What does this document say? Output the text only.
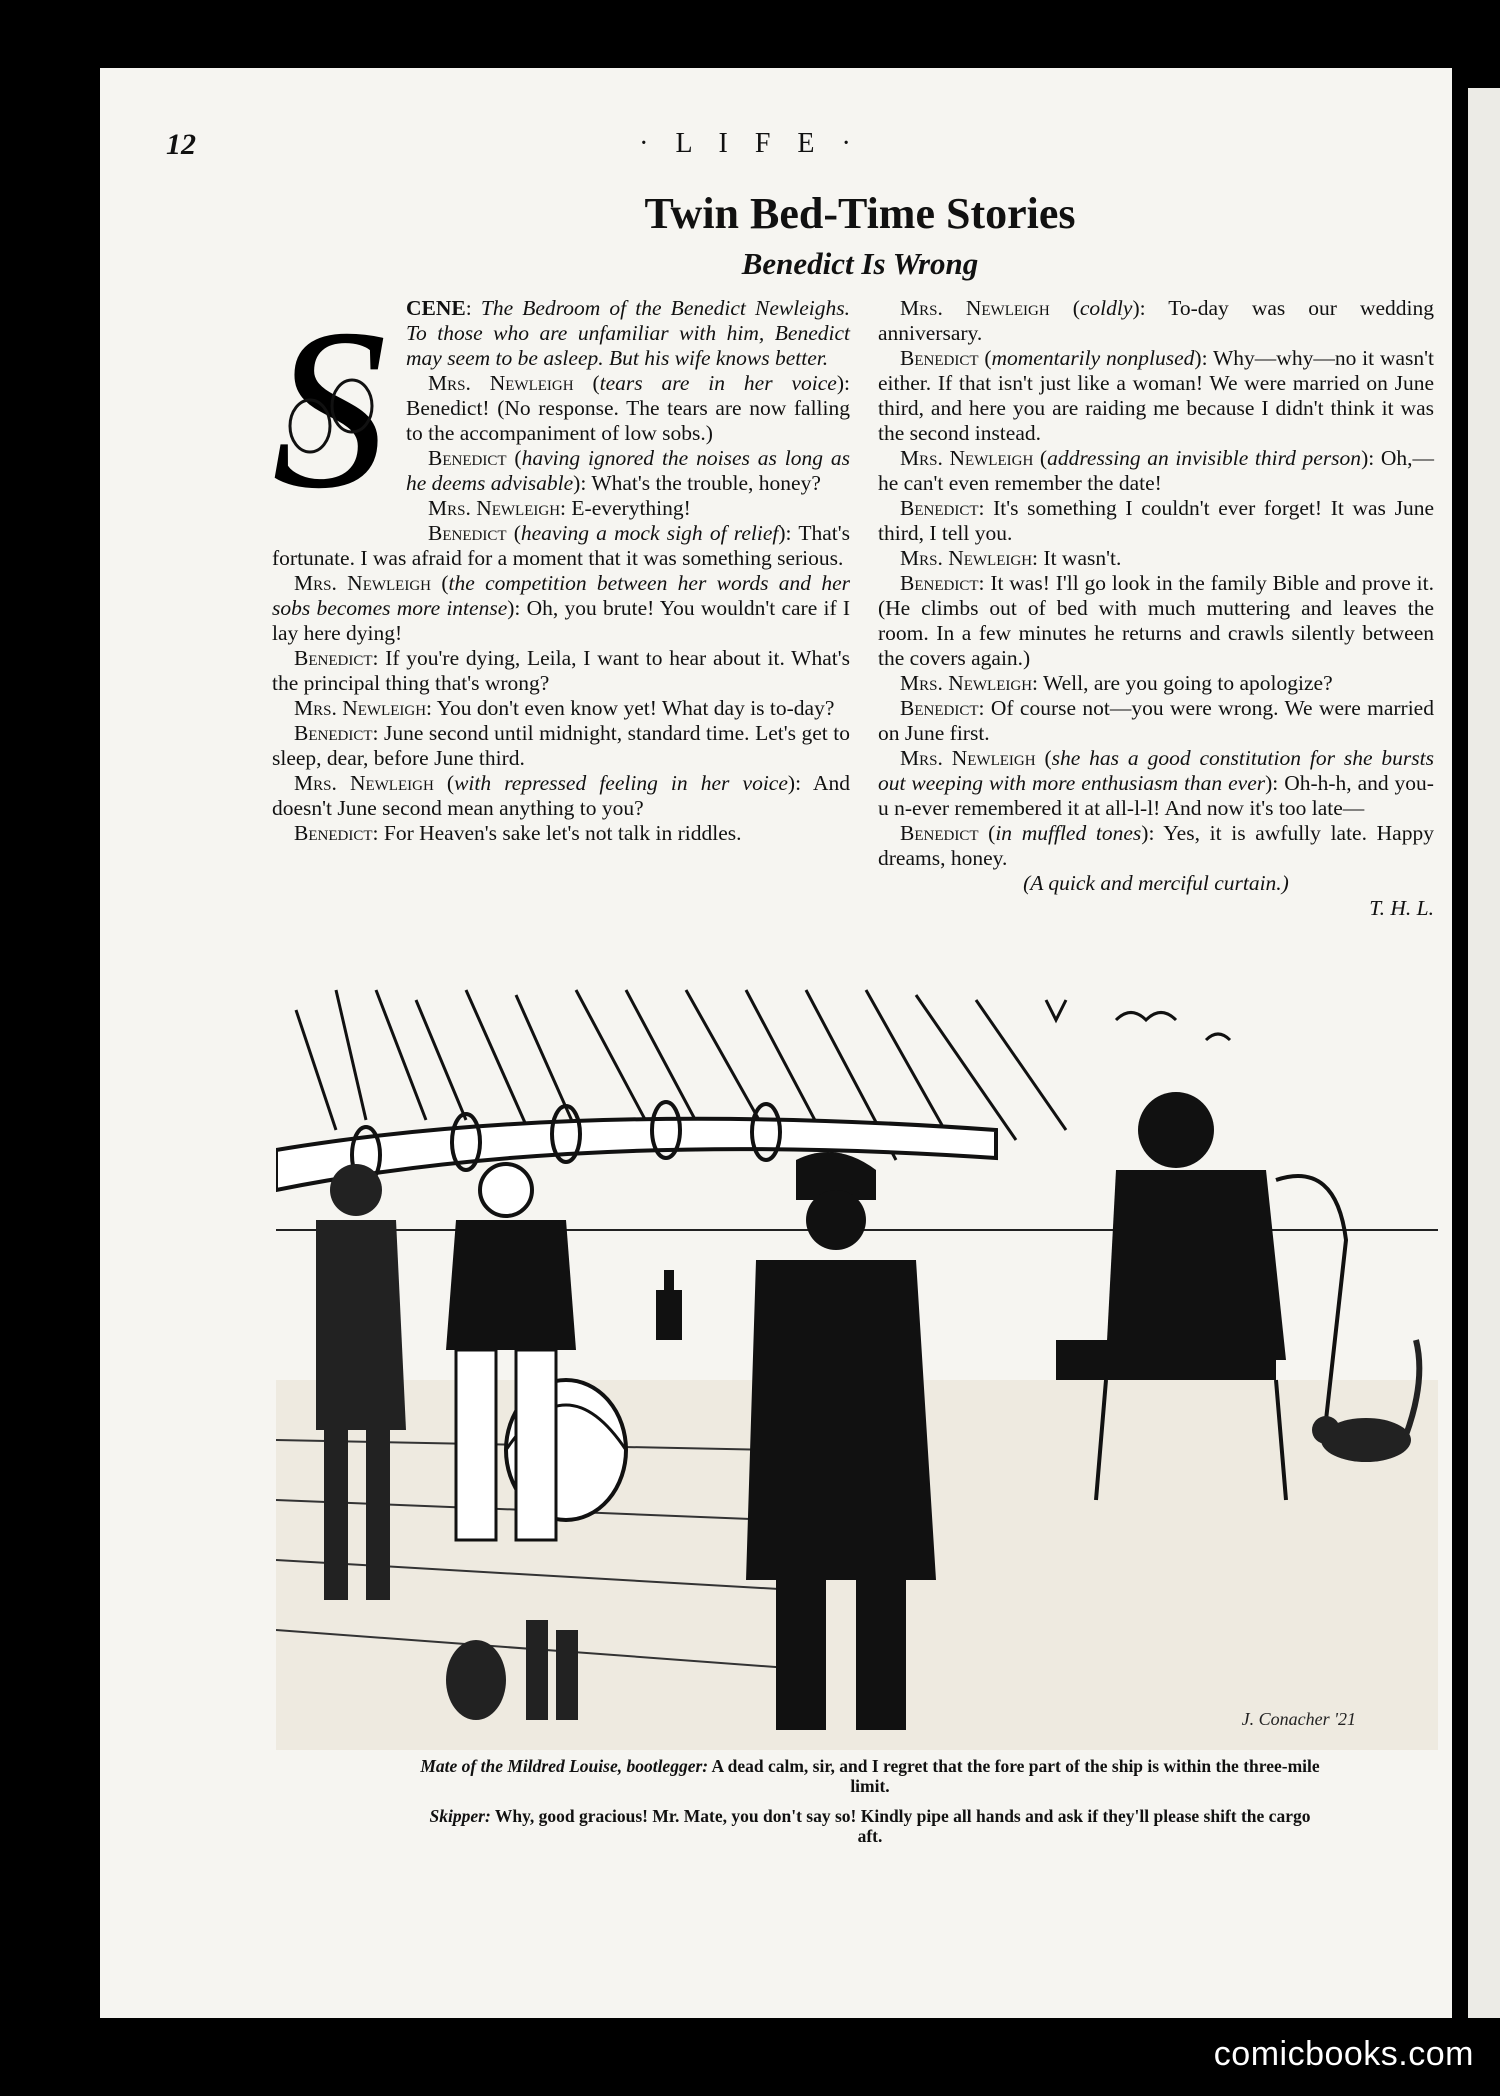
12	· L I F E ·
Twin Bed-Time Stories
Benedict Is Wrong

S CENE: The Bedroom of the Benedict Newleighs. To those who are unfamiliar with him, Benedict may seem to be asleep. But his wife knows better.

Mrs. Newleigh (tears are in her voice): Benedict! (No response. The tears are now falling to the accompaniment of low sobs.)

Benedict (having ignored the noises as long as he deems advisable): What's the trouble, honey?

Mrs. Newleigh: E-everything!

Benedict (heaving a mock sigh of relief): That's fortunate. I was afraid for a moment that it was something serious.

Mrs. Newleigh (the competition between her words and her sobs becomes more intense): Oh, you brute! You wouldn't care if I lay here dying!

Benedict: If you're dying, Leila, I want to hear about it. What's the principal thing that's wrong?

Mrs. Newleigh: You don't even know yet! What day is to-day?

Benedict: June second until midnight, standard time. Let's get to sleep, dear, before June third.

Mrs. Newleigh (with repressed feeling in her voice): And doesn't June second mean anything to you?

Benedict: For Heaven's sake let's not talk in riddles.

Mrs. Newleigh (coldly): To-day was our wedding anniversary.

Benedict (momentarily nonplused): Why—why—no it wasn't either. If that isn't just like a woman! We were married on June third, and here you are raiding me because I didn't think it was the second instead.

Mrs. Newleigh (addressing an invisible third person): Oh,—he can't even remember the date!

Benedict: It's something I couldn't ever forget! It was June third, I tell you.

Mrs. Newleigh: It wasn't.

Benedict: It was! I'll go look in the family Bible and prove it. (He climbs out of bed with much muttering and leaves the room. In a few minutes he returns and crawls silently between the covers again.)

Mrs. Newleigh: Well, are you going to apologize?

Benedict: Of course not—you were wrong. We were married on June first.

Mrs. Newleigh (she has a good constitution for she bursts out weeping with more enthusiasm than ever): Oh-h-h, and you-u n-ever remembered it at all-l-l! And now it's too late—

Benedict (in muffled tones): Yes, it is awfully late. Happy dreams, honey.

(A quick and merciful curtain.)

T. H. L.

J. Conacher '21
Mate of the Mildred Louise, bootlegger: A dead calm, sir, and I regret that the fore part of the ship is within the three-mile limit.
Skipper: Why, good gracious! Mr. Mate, you don't say so! Kindly pipe all hands and ask if they'll please shift the cargo aft.
comicbooks.com
